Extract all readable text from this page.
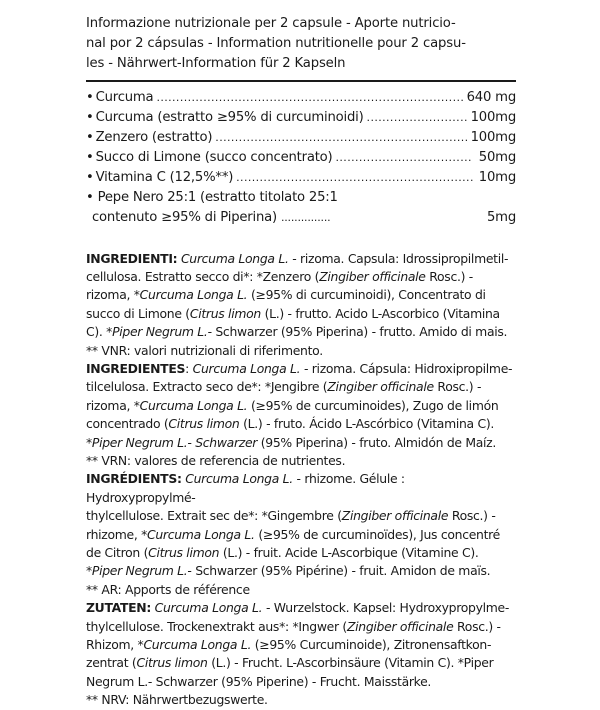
Informazione nutrizionale per 2 capsule - Aporte nutricio-
nal por 2 cápsulas - Information nutritionelle pour 2 capsu-
les - Nährwert-Information für 2 Kapseln
• Curcuma .....	640 mg
• Curcuma (estratto ≥95% di curcuminoidi) .....	100mg
• Zenzero (estratto) .....	100mg
• Succo di Limone (succo concentrato) .....	50mg
• Vitamina C (12,5%**) .....	10mg
• Pepe Nero 25:1 (estratto titolato 25:1
contenuto ≥95% di Piperina) ...............	5mg

INGREDIENTI: Curcuma Longa L. - rizoma. Capsula: Idrossipropilmetil-
cellulosa. Estratto secco di*: *Zenzero (Zingiber officinale Rosc.) -
rizoma, *Curcuma Longa L. (≥95% di curcuminoidi), Concentrato di
succo di Limone (Citrus limon (L.) - frutto. Acido L-Ascorbico (Vitamina
C). *Piper Negrum L.- Schwarzer (95% Piperina) - frutto. Amido di mais.

** VNR: valori nutrizionali di riferimento.

INGREDIENTES: Curcuma Longa L. - rizoma. Cápsula: Hidroxipropilme-
tilcelulosa. Extracto seco de*: *Jengibre (Zingiber officinale Rosc.) -
rizoma, *Curcuma Longa L. (≥95% de curcuminoides), Zugo de limón
concentrado (Citrus limon (L.) - fruto. Ácido L-Ascórbico (Vitamina C).
*Piper Negrum L.- Schwarzer (95% Piperina) - fruto. Almidón de Maíz.

** VRN: valores de referencia de nutrientes.

INGRÉDIENTS: Curcuma Longa L. - rhizome. Gélule : Hydroxypropylmé-
thylcellulose. Extrait sec de*: *Gingembre (Zingiber officinale Rosc.) -
rhizome, *Curcuma Longa L. (≥95% de curcuminoïdes), Jus concentré
de Citron (Citrus limon (L.) - fruit. Acide L-Ascorbique (Vitamine C).
*Piper Negrum L.- Schwarzer (95% Pipérine) - fruit. Amidon de maïs.

** AR: Apports de référence

ZUTATEN: Curcuma Longa L. - Wurzelstock. Kapsel: Hydroxypropylme-
thylcellulose. Trockenextrakt aus*: *Ingwer (Zingiber officinale Rosc.) -
Rhizom, *Curcuma Longa L. (≥95% Curcuminoide), Zitronensaftkon-
zentrat (Citrus limon (L.) - Frucht. L-Ascorbinsäure (Vitamin C). *Piper
Negrum L.- Schwarzer (95% Piperine) - Frucht. Maisstärke.

** NRV: Nährwertbezugswerte.
